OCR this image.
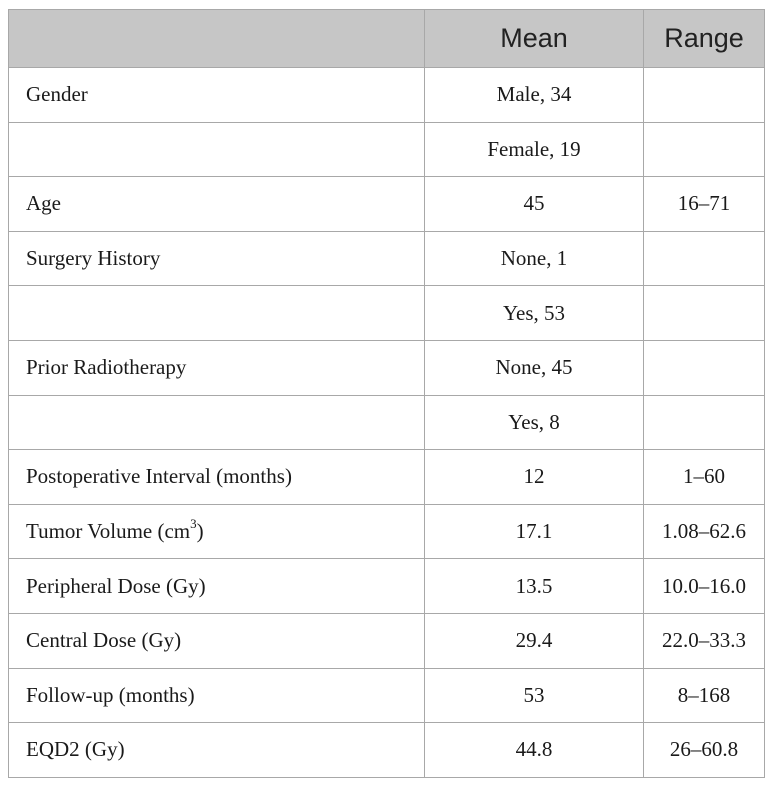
	Mean	Range
Gender	Male, 34	
	Female, 19	
Age	45	16–71
Surgery History	None, 1	
	Yes, 53	
Prior Radiotherapy	None, 45	
	Yes, 8	
Postoperative Interval (months)	12	1–60
Tumor Volume $(cm^3)$	17.1	1.08–62.6
Peripheral Dose (Gy)	13.5	10.0–16.0
Central Dose (Gy)	29.4	22.0–33.3
Follow-up (months)	53	8–168
EQD2 (Gy)	44.8	26–60.8
